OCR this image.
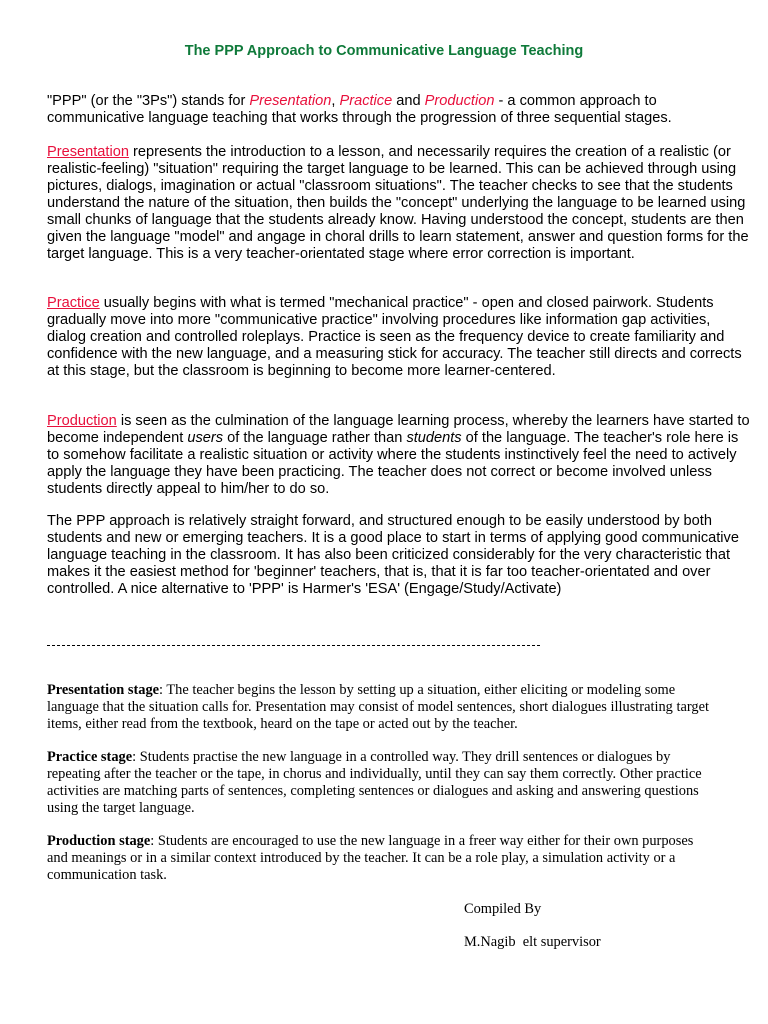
The PPP Approach to Communicative Language Teaching
"PPP" (or the "3Ps") stands for Presentation, Practice and Production - a common approach to communicative language teaching that works through the progression of three sequential stages.
Presentation represents the introduction to a lesson, and necessarily requires the creation of a realistic (or realistic-feeling) "situation" requiring the target language to be learned. This can be achieved through using pictures, dialogs, imagination or actual "classroom situations". The teacher checks to see that the students understand the nature of the situation, then builds the "concept" underlying the language to be learned using small chunks of language that the students already know. Having understood the concept, students are then given the language "model" and angage in choral drills to learn statement, answer and question forms for the target language. This is a very teacher-orientated stage where error correction is important.
Practice usually begins with what is termed "mechanical practice" - open and closed pairwork. Students gradually move into more "communicative practice" involving procedures like information gap activities, dialog creation and controlled roleplays. Practice is seen as the frequency device to create familiarity and confidence with the new language, and a measuring stick for accuracy. The teacher still directs and corrects at this stage, but the classroom is beginning to become more learner-centered.
Production is seen as the culmination of the language learning process, whereby the learners have started to become independent users of the language rather than students of the language. The teacher's role here is to somehow facilitate a realistic situation or activity where the students instinctively feel the need to actively apply the language they have been practicing. The teacher does not correct or become involved unless students directly appeal to him/her to do so.
The PPP approach is relatively straight forward, and structured enough to be easily understood by both students and new or emerging teachers. It is a good place to start in terms of applying good communicative language teaching in the classroom. It has also been criticized considerably for the very characteristic that makes it the easiest method for 'beginner' teachers, that is, that it is far too teacher-orientated and over controlled. A nice alternative to 'PPP' is Harmer's 'ESA' (Engage/Study/Activate)
Presentation stage: The teacher begins the lesson by setting up a situation, either eliciting or modeling some language that the situation calls for. Presentation may consist of model sentences, short dialogues illustrating target items, either read from the textbook, heard on the tape or acted out by the teacher.
Practice stage: Students practise the new language in a controlled way. They drill sentences or dialogues by repeating after the teacher or the tape, in chorus and individually, until they can say them correctly. Other practice activities are matching parts of sentences, completing sentences or dialogues and asking and answering questions using the target language.
Production stage: Students are encouraged to use the new language in a freer way either for their own purposes and meanings or in a similar context introduced by the teacher. It can be a role play, a simulation activity or a communication task.
Compiled By
M.Nagib  elt supervisor
